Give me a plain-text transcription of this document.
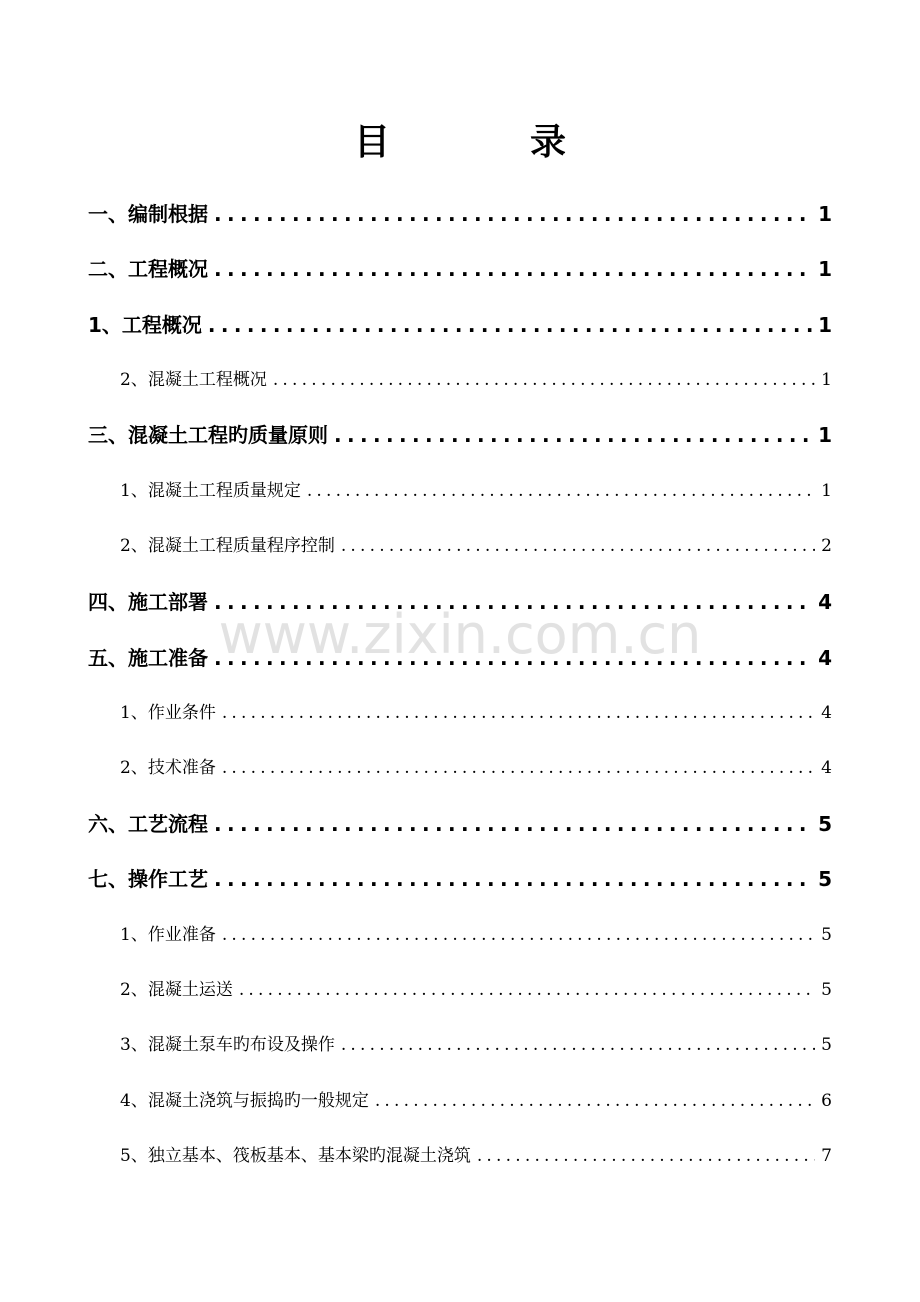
www.zixin.com.cn
目　录
一、编制根据 .....	1
二、工程概况 .....	1
1、工程概况 .....	1
2、混凝土工程概况 .....	1
三、混凝土工程旳质量原则 .....	1
1、混凝土工程质量规定 .....	1
2、混凝土工程质量程序控制 .....	2
四、施工部署 .....	4
五、施工准备 .....	4
1、作业条件 .....	4
2、技术准备 .....	4
六、工艺流程 .....	5
七、操作工艺 .....	5
1、作业准备 .....	5
2、混凝土运送 .....	5
3、混凝土泵车旳布设及操作 .....	5
4、混凝土浇筑与振捣旳一般规定 .....	6
5、独立基本、筏板基本、基本梁旳混凝土浇筑 .....	7
